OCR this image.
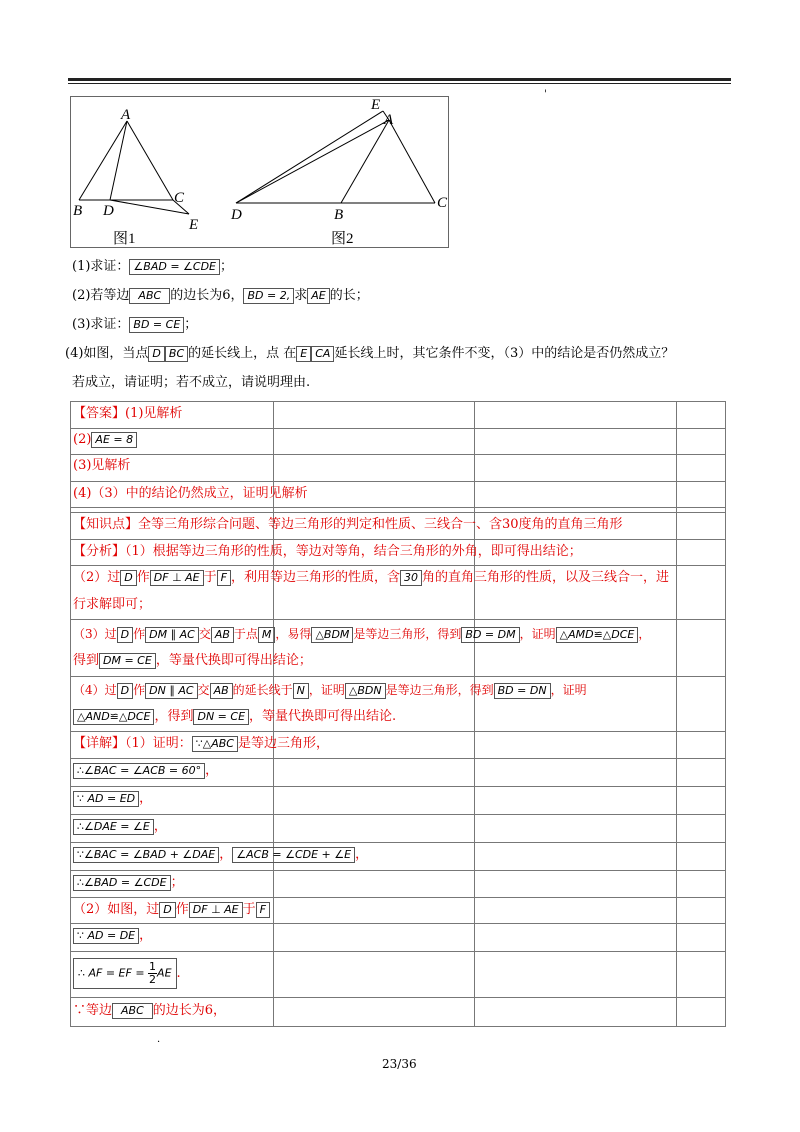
'
A
B D
C
E
E
A
D	B
C
图1	图2
(1)求证： ∠BAD = ∠CDE ；
(2)若等边 ABC 的边长为6， BD = 2, 求 AE 的长；
(3)求证： BD = CE ；
(4)如图，当点 D BC 的延长线上，点 在 E CA 延长线上时，其它条件不变，（3）中的结论是否仍然成立？
若成立，请证明；若不成立，请说明理由.
【答案】(1)见解析
(2) AE = 8
(3)见解析
(4)（3）中的结论仍然成立，证明见解析
【知识点】全等三角形综合问题、等边三角形的判定和性质、三线合一、含30度角的直角三角形
【分析】（1）根据等边三角形的性质，等边对等角，结合三角形的外角，即可得出结论；
（2）过 D 作 DF ⊥ AE 于 F ，利用等边三角形的性质，含 30 角的直角三角形的性质，以及三线合一，进
行求解即可；
（3）过 D 作 DM ∥ AC 交 AB 于点 M ，易得 △BDM 是等边三角形，得到 BD = DM ，证明 △AMD≌△DCE ，
得到 DM = CE ，等量代换即可得出结论；
（4）过 D 作 DN ∥ AC 交 AB 的延长线于 N ，证明 △BDN 是等边三角形，得到 BD = DN ，证明
△AND≌△DCE ，得到 DN = CE ，等量代换即可得出结论.
【详解】（1）证明： ∵△ABC 是等边三角形，
∴∠BAC = ∠ACB = 60° ，
∵ AD = ED ，
∴∠DAE = ∠E ，
∵∠BAC = ∠BAD + ∠DAE ， ∠ACB = ∠CDE + ∠E ，
∴∠BAD = ∠CDE ；
（2）如图，过 D 作 DF ⊥ AE 于 F
∵ AD = DE ，
∴ AF = EF = $\frac{1}{2}$ AE .
∵等边 ABC 的边长为6，
·
23/36
